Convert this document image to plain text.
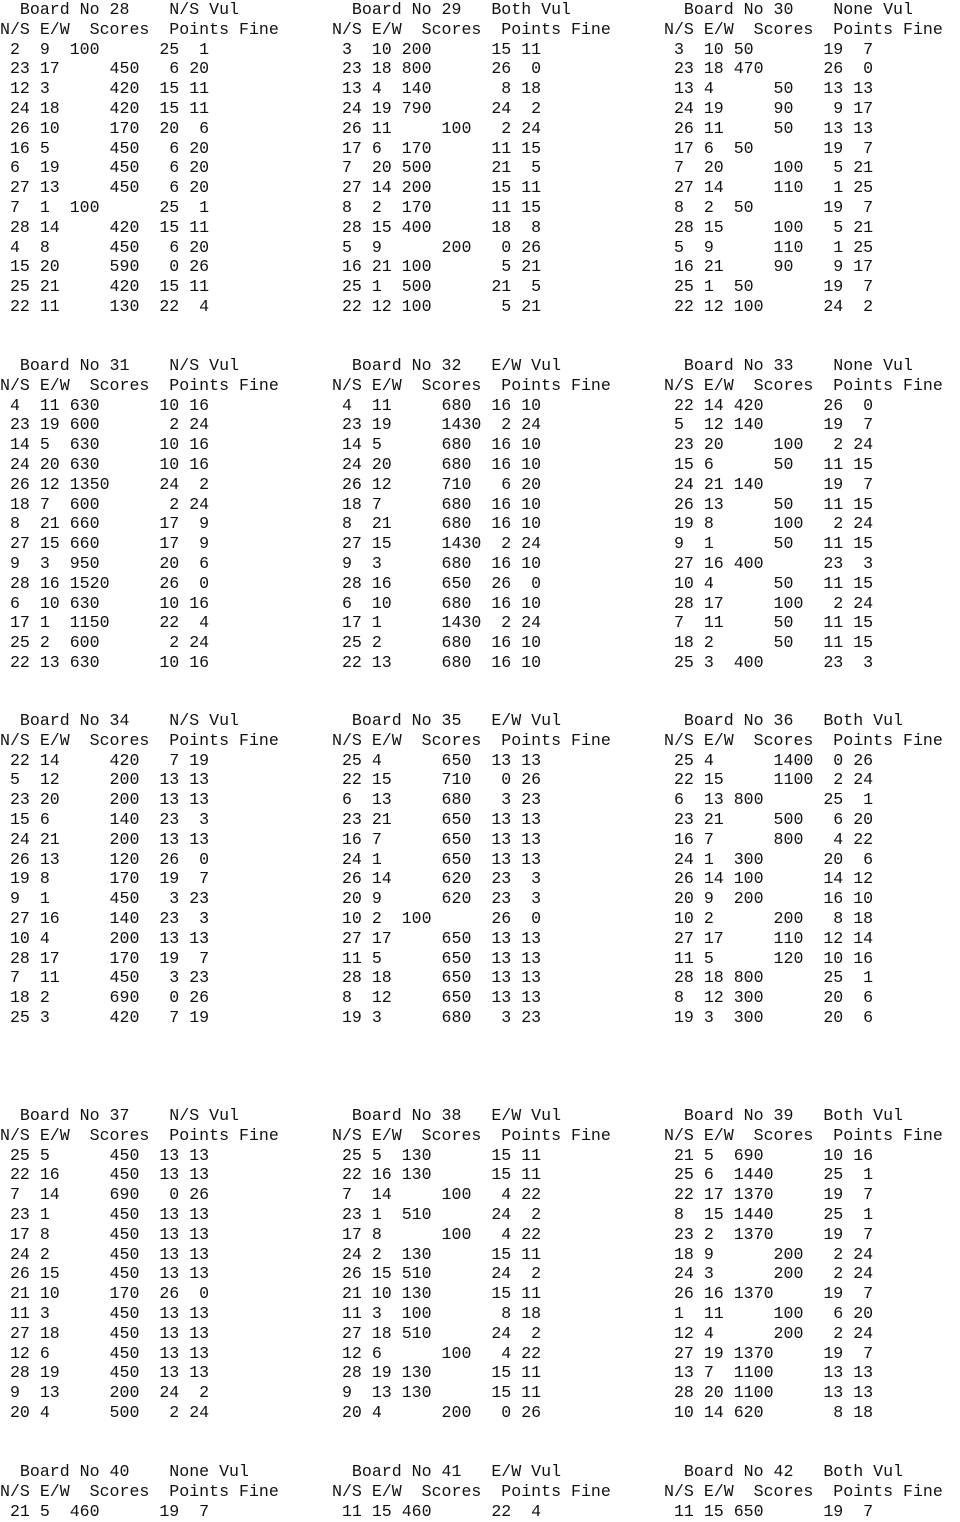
Board No 28    N/S Vul
N/S E/W  Scores  Points Fine
2  9  100      25  1
23 17     450   6 20
12 3      420  15 11
24 18     420  15 11
26 10     170  20  6
16 5      450   6 20
6  19     450   6 20
27 13     450   6 20
7  1  100      25  1
28 14     420  15 11
4  8      450   6 20
15 20     590   0 26
25 21     420  15 11
22 11     130  22  4
Board No 29   Both Vul
N/S E/W  Scores  Points Fine
3  10 200      15 11
23 18 800      26  0
13 4  140       8 18
24 19 790      24  2
26 11     100   2 24
17 6  170      11 15
7  20 500      21  5
27 14 200      15 11
8  2  170      11 15
28 15 400      18  8
5  9      200   0 26
16 21 100       5 21
25 1  500      21  5
22 12 100       5 21
Board No 30    None Vul
N/S E/W  Scores  Points Fine
3  10 50       19  7
23 18 470      26  0
13 4      50   13 13
24 19     90    9 17
26 11     50   13 13
17 6  50       19  7
7  20     100   5 21
27 14     110   1 25
8  2  50       19  7
28 15     100   5 21
5  9      110   1 25
16 21     90    9 17
25 1  50       19  7
22 12 100      24  2
Board No 31    N/S Vul
N/S E/W  Scores  Points Fine
4  11 630      10 16
23 19 600       2 24
14 5  630      10 16
24 20 630      10 16
26 12 1350     24  2
18 7  600       2 24
8  21 660      17  9
27 15 660      17  9
9  3  950      20  6
28 16 1520     26  0
6  10 630      10 16
17 1  1150     22  4
25 2  600       2 24
22 13 630      10 16
Board No 32   E/W Vul
N/S E/W  Scores  Points Fine
4  11     680  16 10
23 19     1430  2 24
14 5      680  16 10
24 20     680  16 10
26 12     710   6 20
18 7      680  16 10
8  21     680  16 10
27 15     1430  2 24
9  3      680  16 10
28 16     650  26  0
6  10     680  16 10
17 1      1430  2 24
25 2      680  16 10
22 13     680  16 10
Board No 33    None Vul
N/S E/W  Scores  Points Fine
22 14 420      26  0
5  12 140      19  7
23 20     100   2 24
15 6      50   11 15
24 21 140      19  7
26 13     50   11 15
19 8      100   2 24
9  1      50   11 15
27 16 400      23  3
10 4      50   11 15
28 17     100   2 24
7  11     50   11 15
18 2      50   11 15
25 3  400      23  3
Board No 34    N/S Vul
N/S E/W  Scores  Points Fine
22 14     420   7 19
5  12     200  13 13
23 20     200  13 13
15 6      140  23  3
24 21     200  13 13
26 13     120  26  0
19 8      170  19  7
9  1      450   3 23
27 16     140  23  3
10 4      200  13 13
28 17     170  19  7
7  11     450   3 23
18 2      690   0 26
25 3      420   7 19
Board No 35   E/W Vul
N/S E/W  Scores  Points Fine
25 4      650  13 13
22 15     710   0 26
6  13     680   3 23
23 21     650  13 13
16 7      650  13 13
24 1      650  13 13
26 14     620  23  3
20 9      620  23  3
10 2  100      26  0
27 17     650  13 13
11 5      650  13 13
28 18     650  13 13
8  12     650  13 13
19 3      680   3 23
Board No 36   Both Vul
N/S E/W  Scores  Points Fine
25 4      1400  0 26
22 15     1100  2 24
6  13 800      25  1
23 21     500   6 20
16 7      800   4 22
24 1  300      20  6
26 14 100      14 12
20 9  200      16 10
10 2      200   8 18
27 17     110  12 14
11 5      120  10 16
28 18 800      25  1
8  12 300      20  6
19 3  300      20  6
Board No 37    N/S Vul
N/S E/W  Scores  Points Fine
25 5      450  13 13
22 16     450  13 13
7  14     690   0 26
23 1      450  13 13
17 8      450  13 13
24 2      450  13 13
26 15     450  13 13
21 10     170  26  0
11 3      450  13 13
27 18     450  13 13
12 6      450  13 13
28 19     450  13 13
9  13     200  24  2
20 4      500   2 24
Board No 38   E/W Vul
N/S E/W  Scores  Points Fine
25 5  130      15 11
22 16 130      15 11
7  14     100   4 22
23 1  510      24  2
17 8      100   4 22
24 2  130      15 11
26 15 510      24  2
21 10 130      15 11
11 3  100       8 18
27 18 510      24  2
12 6      100   4 22
28 19 130      15 11
9  13 130      15 11
20 4      200   0 26
Board No 39   Both Vul
N/S E/W  Scores  Points Fine
21 5  690      10 16
25 6  1440     25  1
22 17 1370     19  7
8  15 1440     25  1
23 2  1370     19  7
18 9      200   2 24
24 3      200   2 24
26 16 1370     19  7
1  11     100   6 20
12 4      200   2 24
27 19 1370     19  7
13 7  1100     13 13
28 20 1100     13 13
10 14 620       8 18
Board No 40    None Vul
N/S E/W  Scores  Points Fine
21 5  460      19  7
Board No 41   E/W Vul
N/S E/W  Scores  Points Fine
11 15 460      22  4
Board No 42   Both Vul
N/S E/W  Scores  Points Fine
11 15 650      19  7
